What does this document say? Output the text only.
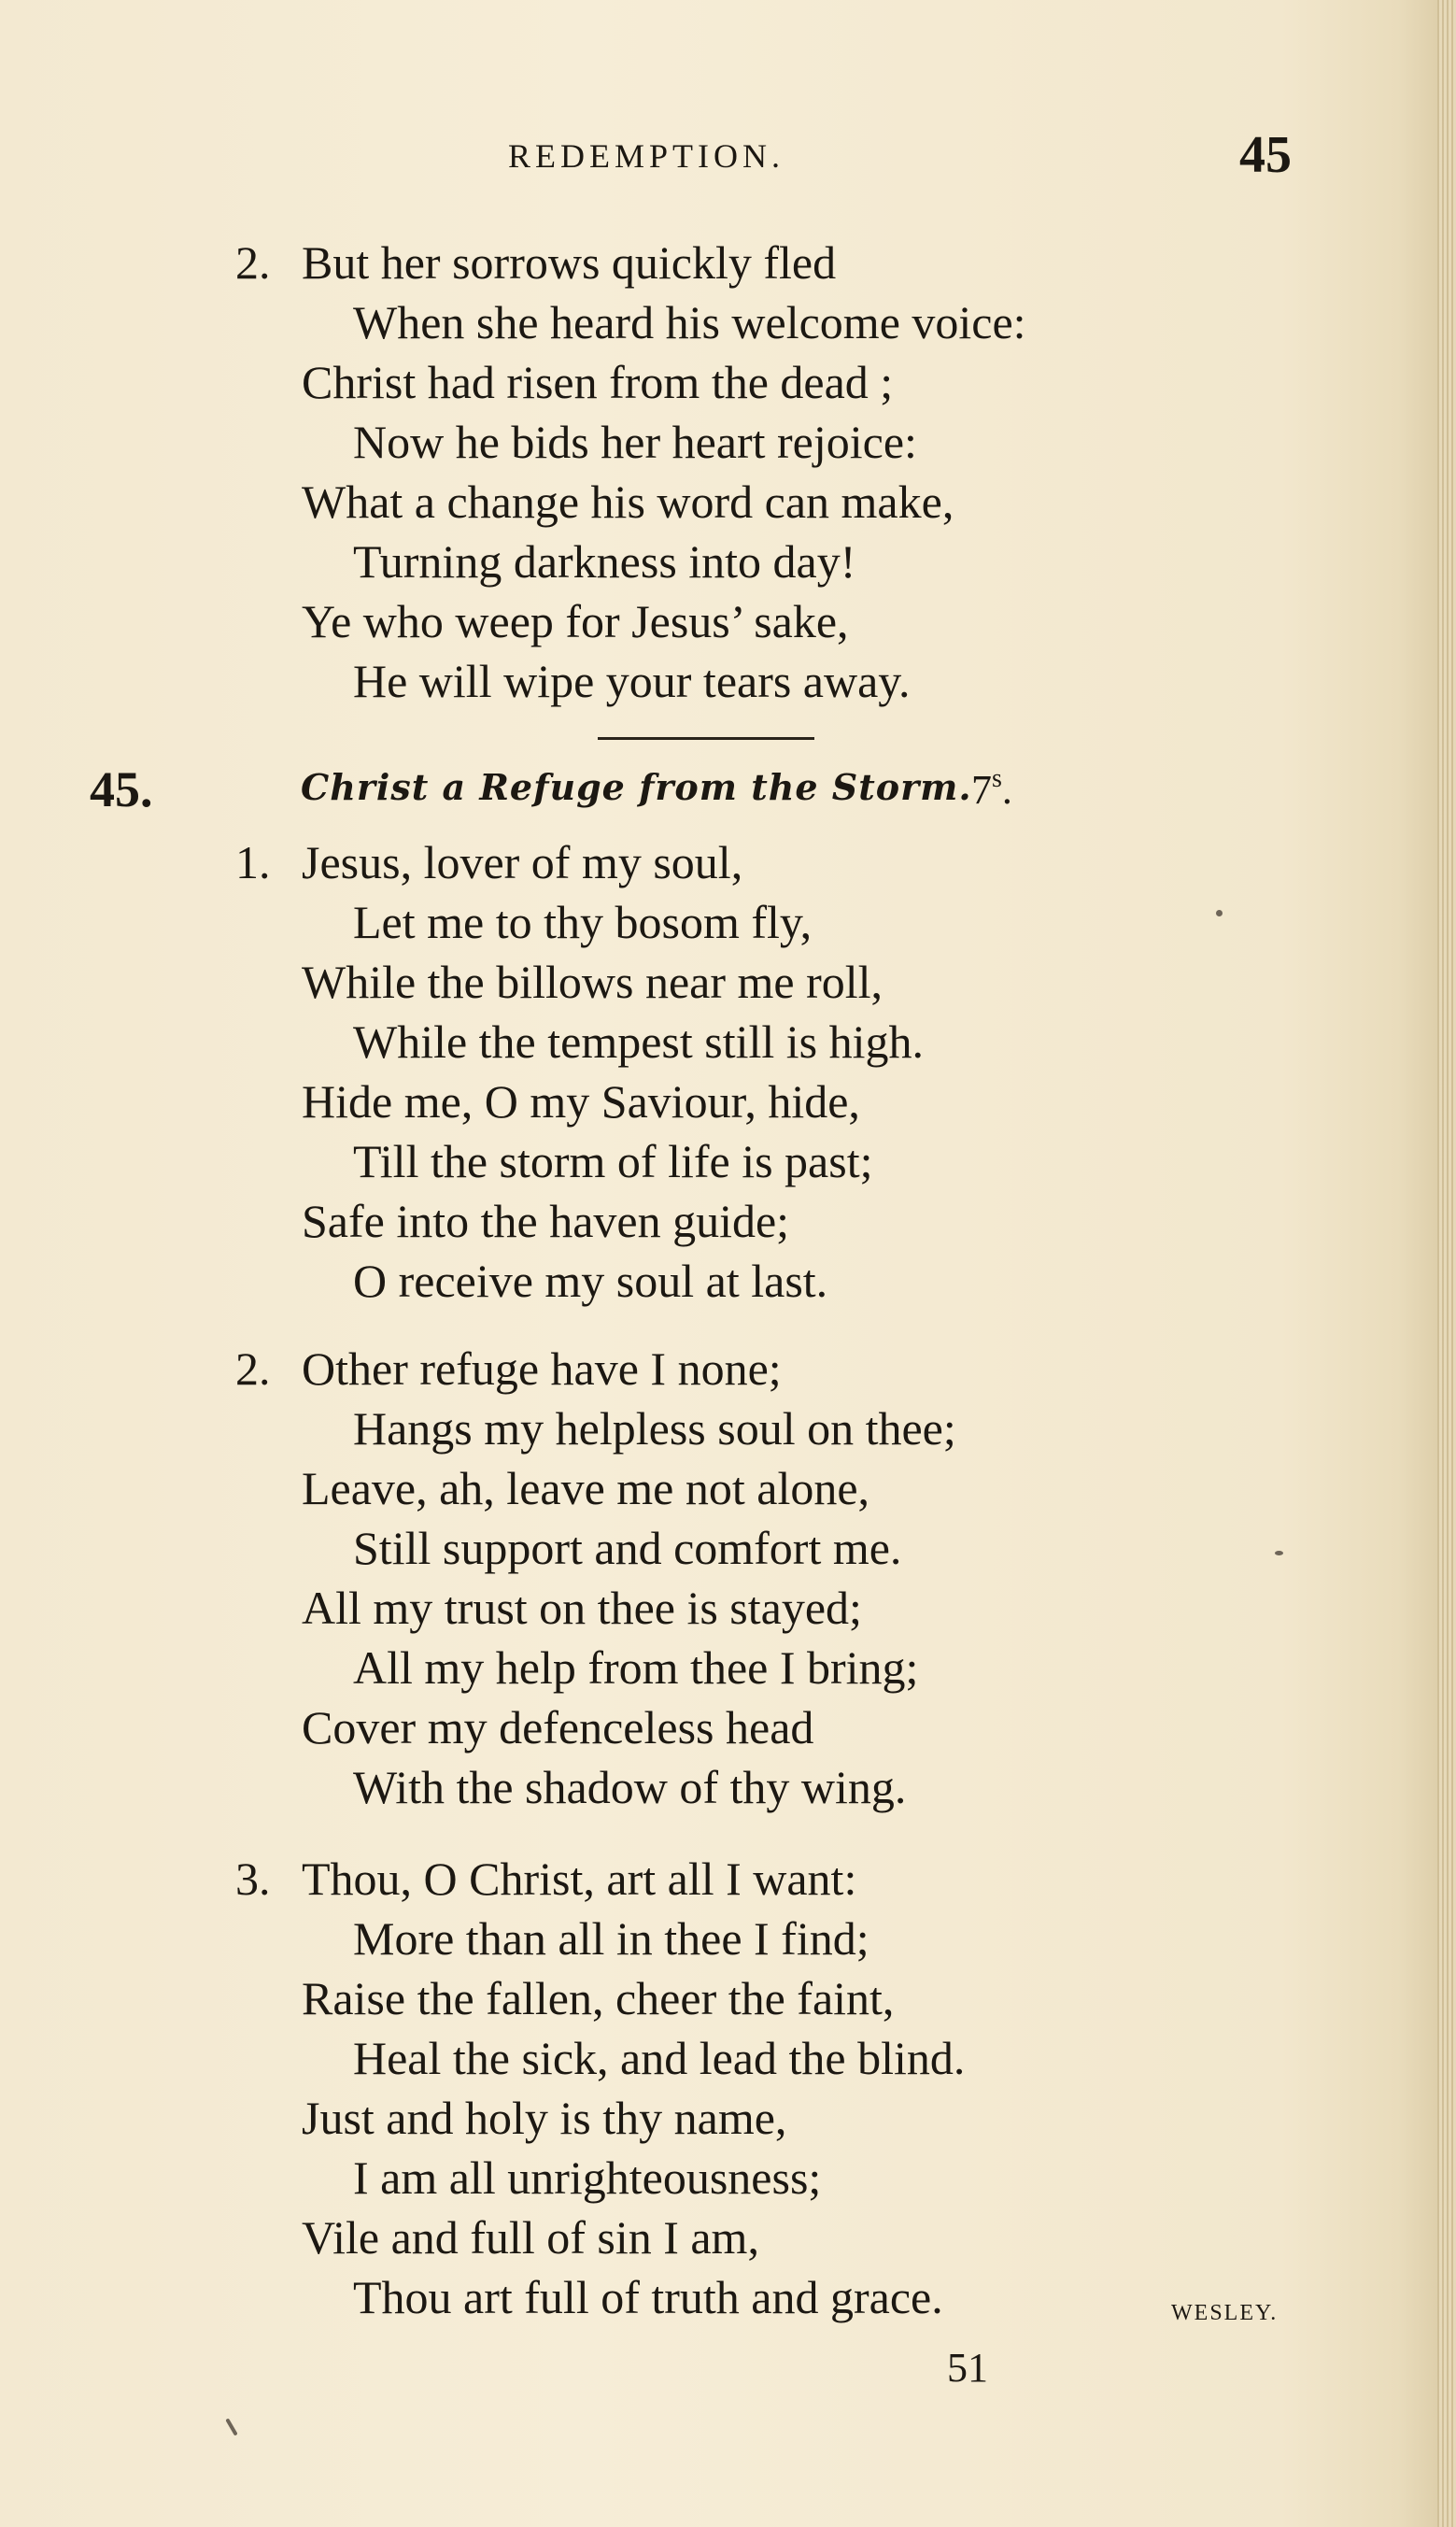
REDEMPTION.	45
2. But her sorrows quickly fled
When she heard his welcome voice:
Christ had risen from the dead ;
Now he bids her heart rejoice:
What a change his word can make,
Turning darkness into day!
Ye who weep for Jesus’ sake,
He will wipe your tears away.
45.	Christ a Refuge from the Storm. 7$^s$.
1. Jesus, lover of my soul,
Let me to thy bosom fly,
While the billows near me roll,
While the tempest still is high.
Hide me, O my Saviour, hide,
Till the storm of life is past;
Safe into the haven guide;
O receive my soul at last.
2. Other refuge have I none;
Hangs my helpless soul on thee;
Leave, ah, leave me not alone,
Still support and comfort me.
All my trust on thee is stayed;
All my help from thee I bring;
Cover my defenceless head
With the shadow of thy wing.
3. Thou, O Christ, art all I want:
More than all in thee I find;
Raise the fallen, cheer the faint,
Heal the sick, and lead the blind.
Just and holy is thy name,
I am all unrighteousness;
Vile and full of sin I am,
Thou art full of truth and grace.	WESLEY.
51
